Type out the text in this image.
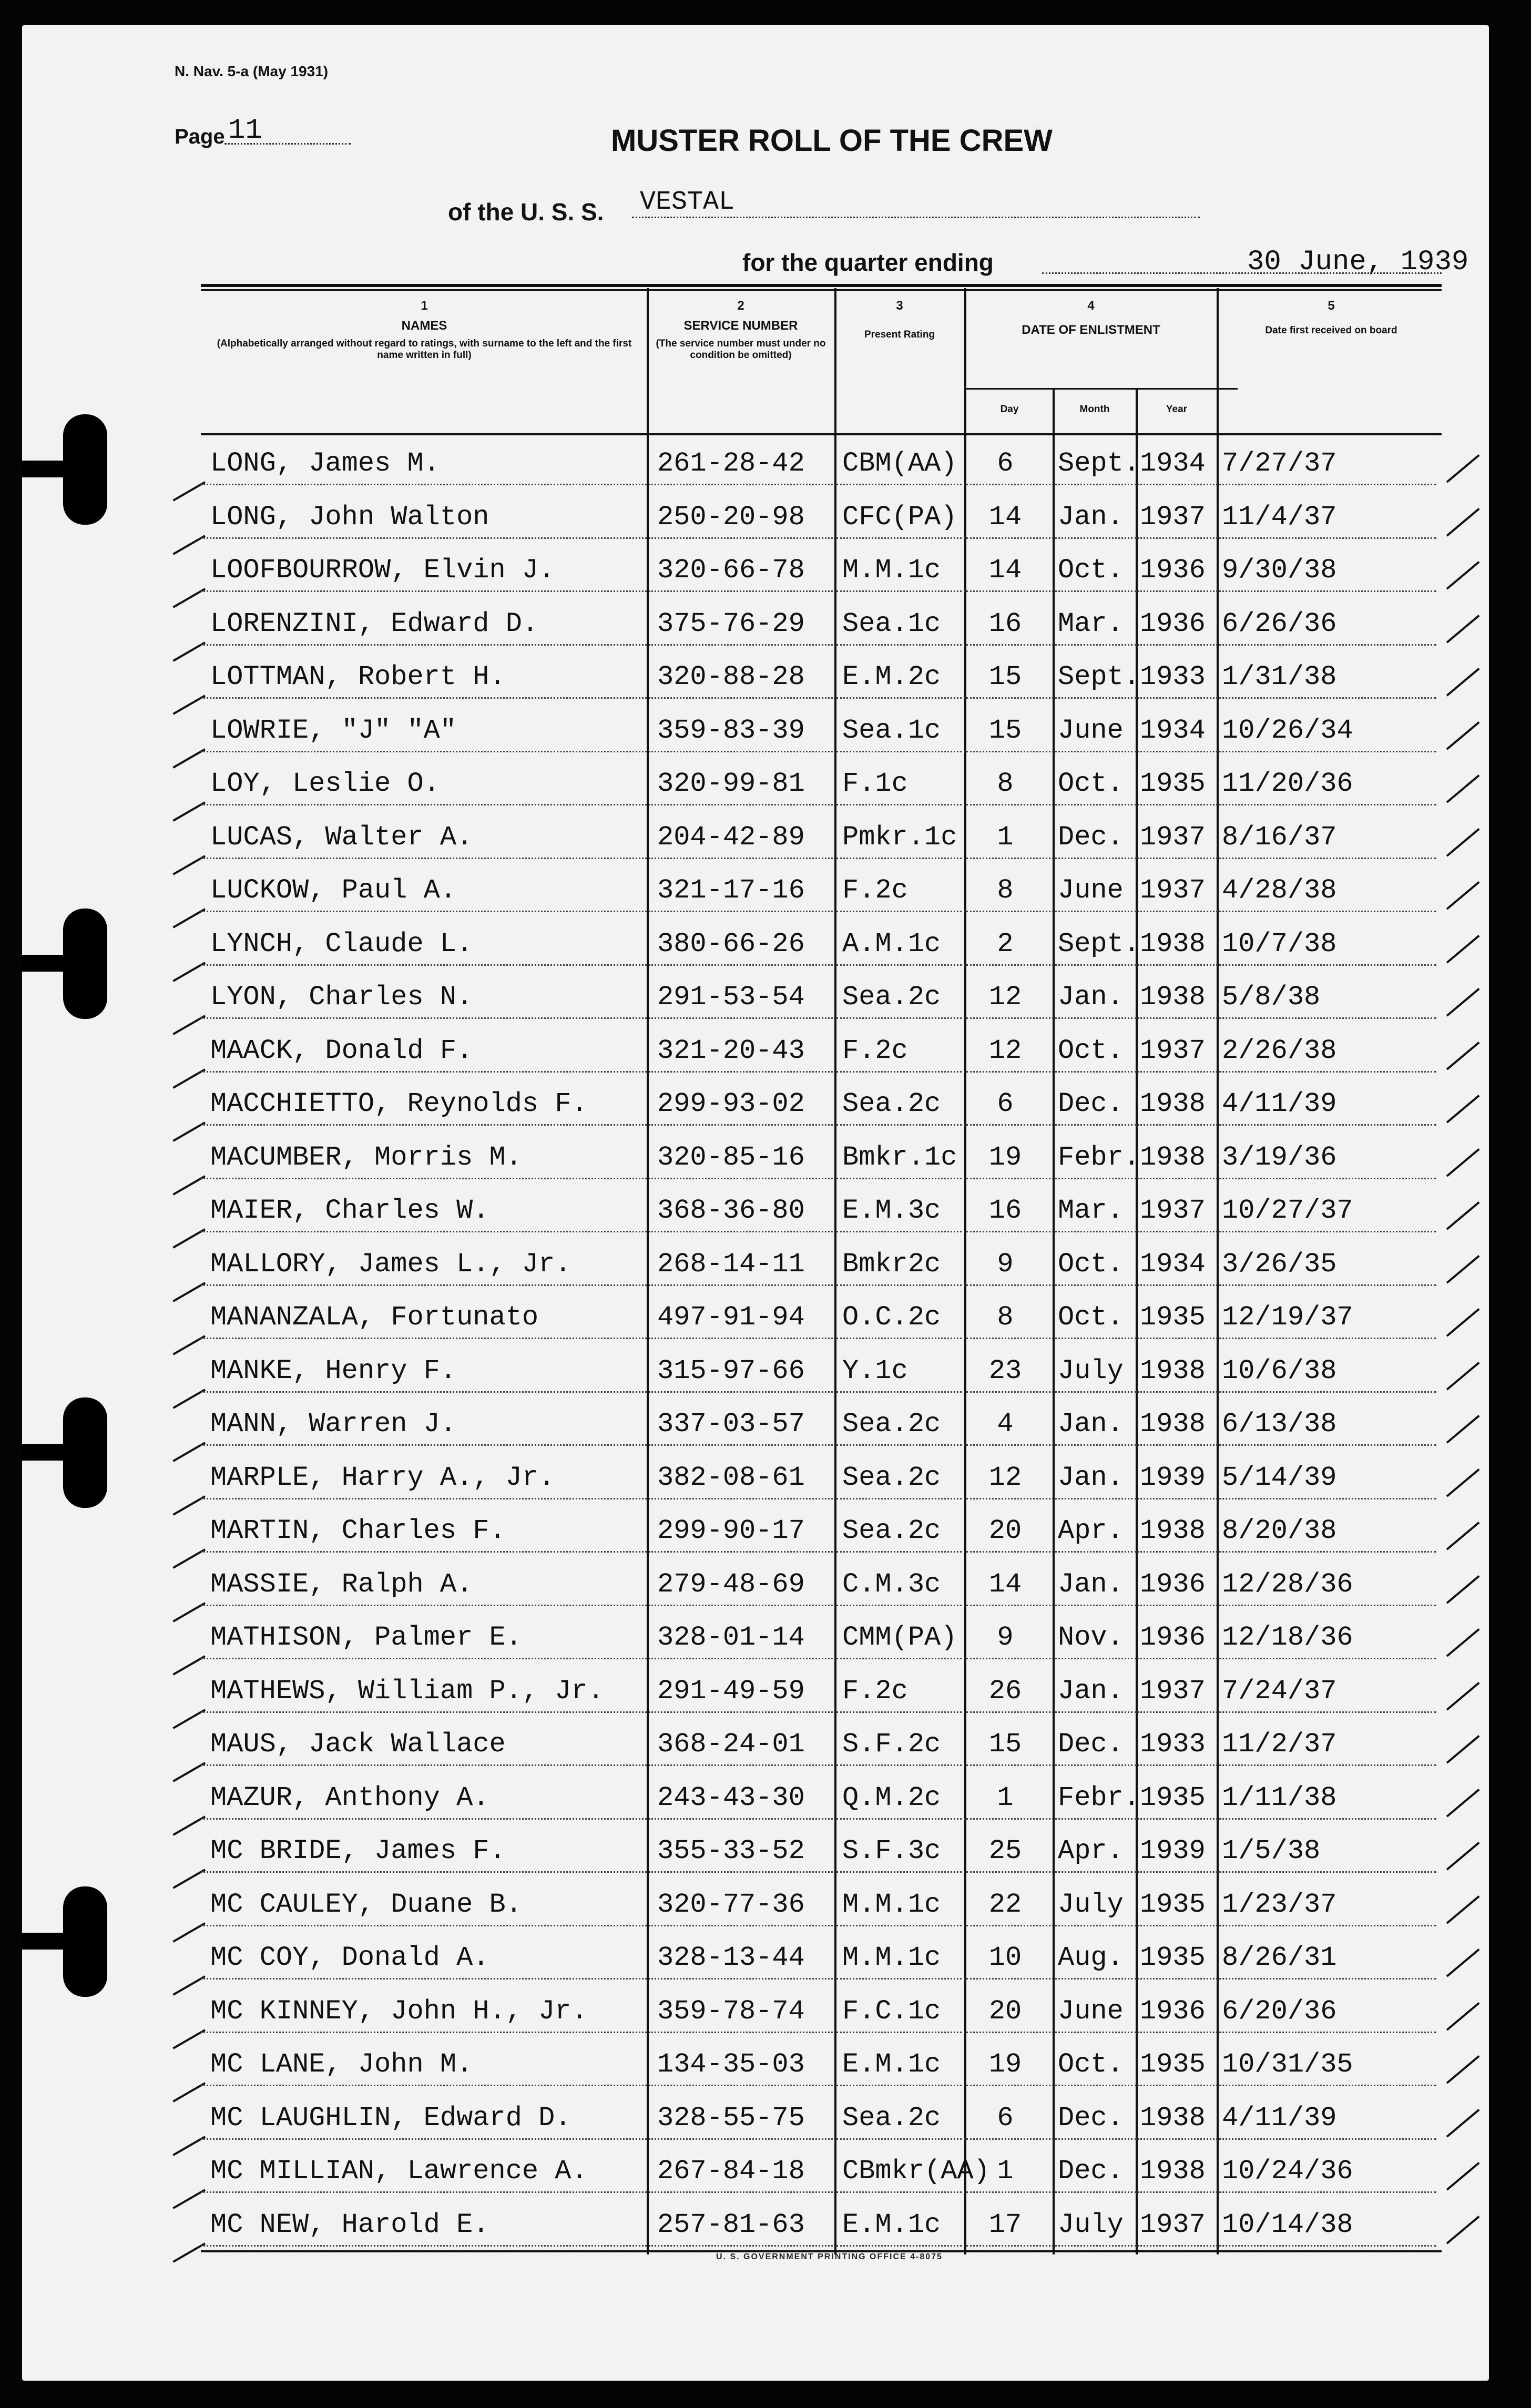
N. Nav. 5-a (May 1931)
Page 11	MUSTER ROLL OF THE CREW
of the U. S. S. VESTAL
for the quarter ending	30 June, 1939
1
NAMES
(Alphabetically arranged without regard to ratings, with surname to the left and the first name written in full)
2
SERVICE NUMBER
(The service number must under no condition be omitted)
3
Present Rating
4
DATE OF ENLISTMENT
Day	Month	Year
5
Date first received on board
LONG, James M.	261-28-42 CBM(AA)	6	Sept. 1934 7/27/37
LONG, John Walton	250-20-98 CFC(PA)	14	Jan. 1937 11/4/37
LOOFBOURROW, Elvin J.	320-66-78 M.M.1c	14	Oct. 1936 9/30/38
LORENZINI, Edward D.	375-76-29 Sea.1c	16	Mar. 1936 6/26/36
LOTTMAN, Robert H.	320-88-28 E.M.2c	15	Sept. 1933 1/31/38
LOWRIE, "J" "A"	359-83-39 Sea.1c	15	June 1934 10/26/34
LOY, Leslie O.	320-99-81 F.1c	8	Oct. 1935 11/20/36
LUCAS, Walter A.	204-42-89 Pmkr.1c	1	Dec. 1937 8/16/37
LUCKOW, Paul A.	321-17-16 F.2c	8	June 1937 4/28/38
LYNCH, Claude L.	380-66-26 A.M.1c	2	Sept. 1938 10/7/38
LYON, Charles N.	291-53-54 Sea.2c	12	Jan. 1938 5/8/38
MAACK, Donald F.	321-20-43 F.2c	12	Oct. 1937 2/26/38
MACCHIETTO, Reynolds F.	299-93-02 Sea.2c	6	Dec. 1938 4/11/39
MACUMBER, Morris M.	320-85-16 Bmkr.1c	19	Febr. 1938 3/19/36
MAIER, Charles W.	368-36-80 E.M.3c	16	Mar. 1937 10/27/37
MALLORY, James L., Jr.	268-14-11 Bmkr2c	9	Oct. 1934 3/26/35
MANANZALA, Fortunato	497-91-94 O.C.2c	8	Oct. 1935 12/19/37
MANKE, Henry F.	315-97-66 Y.1c	23	July 1938 10/6/38
MANN, Warren J.	337-03-57 Sea.2c	4	Jan. 1938 6/13/38
MARPLE, Harry A., Jr.	382-08-61 Sea.2c	12	Jan. 1939 5/14/39
MARTIN, Charles F.	299-90-17 Sea.2c	20	Apr. 1938 8/20/38
MASSIE, Ralph A.	279-48-69 C.M.3c	14	Jan. 1936 12/28/36
MATHISON, Palmer E.	328-01-14 CMM(PA)	9	Nov. 1936 12/18/36
MATHEWS, William P., Jr. 291-49-59 F.2c	26	Jan. 1937 7/24/37
MAUS, Jack Wallace	368-24-01 S.F.2c	15	Dec. 1933 11/2/37
MAZUR, Anthony A.	243-43-30 Q.M.2c	1	Febr. 1935 1/11/38
MC BRIDE, James F.	355-33-52 S.F.3c	25	Apr. 1939 1/5/38
MC CAULEY, Duane B.	320-77-36 M.M.1c	22	July 1935 1/23/37
MC COY, Donald A.	328-13-44 M.M.1c	10	Aug. 1935 8/26/31
MC KINNEY, John H., Jr.	359-78-74 F.C.1c	20	June 1936 6/20/36
MC LANE, John M.	134-35-03 E.M.1c	19	Oct. 1935 10/31/35
MC LAUGHLIN, Edward D.	328-55-75 Sea.2c	6	Dec. 1938 4/11/39
MC MILLIAN, Lawrence A.	267-84-18 CBmkr(AA) 1	Dec. 1938 10/24/36
MC NEW, Harold E.	257-81-63 E.M.1c	17	July 1937 10/14/38
U. S. GOVERNMENT PRINTING OFFICE 4-8075
